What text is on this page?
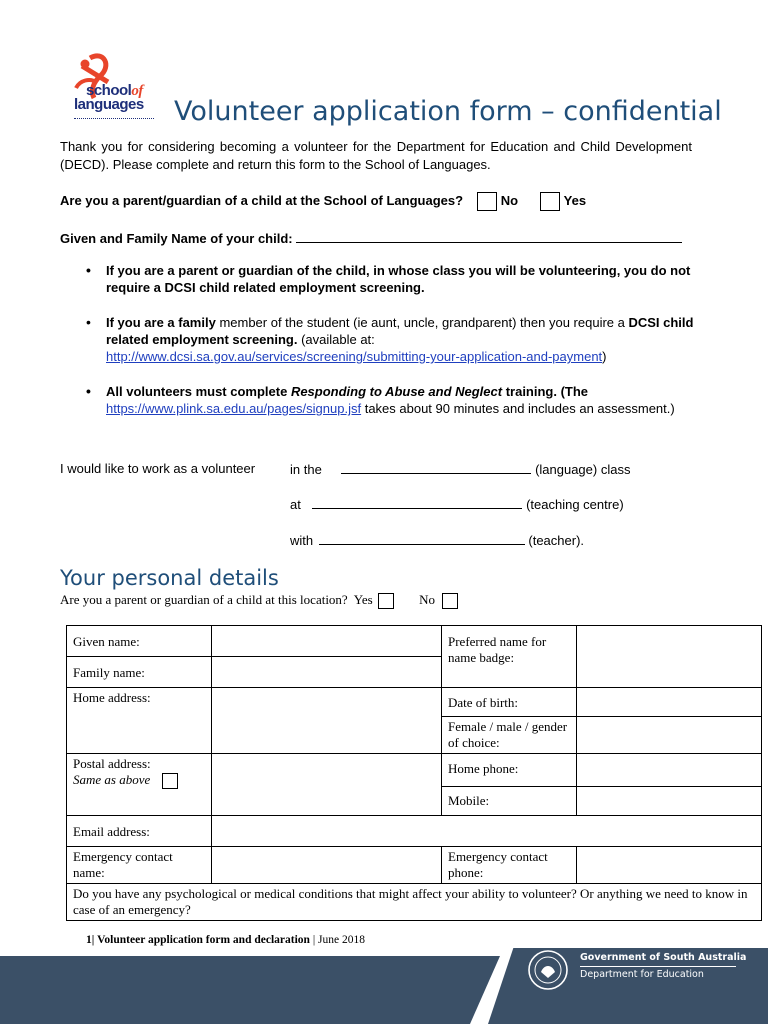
schoolof
languages Volunteer application form – confidential
Thank you for considering becoming a volunteer for the Department for Education and Child Development (DECD). Please complete and return this form to the School of Languages.
Are you a parent/guardian of a child at the School of Languages?	No	Yes
Given and Family Name of your child:
• If you are a parent or guardian of the child, in whose class you will be volunteering, you do not require a DCSI child related employment screening.
• If you are a family member of the student (ie aunt, uncle, grandparent) then you require a DCSI child related employment screening. (available at: http://www.dcsi.sa.gov.au/services/screening/submitting-your-application-and-payment)
• All volunteers must complete Responding to Abuse and Neglect training. (The https://www.plink.sa.edu.au/pages/signup.jsf takes about 90 minutes and includes an assessment.)
I would like to work as a volunteer	in the	(language) class
at	(teaching centre)
with	(teacher).
Your personal details
Are you a parent or guardian of a child at this location? Yes	No
Given name:		Preferred name for name badge:	
Family name:			
Home address:		Date of birth:	
		Female / male / gender of choice:	
Postal address:
Same as above		Home phone:	
		Mobile:	
Email address:			
Emergency contact name:		Emergency contact phone:	
Do you have any psychological or medical conditions that might affect your ability to volunteer? Or anything we need to know in case of an emergency?			
1| Volunteer application form and declaration | June 2018
Government of South Australia
Department for Education
